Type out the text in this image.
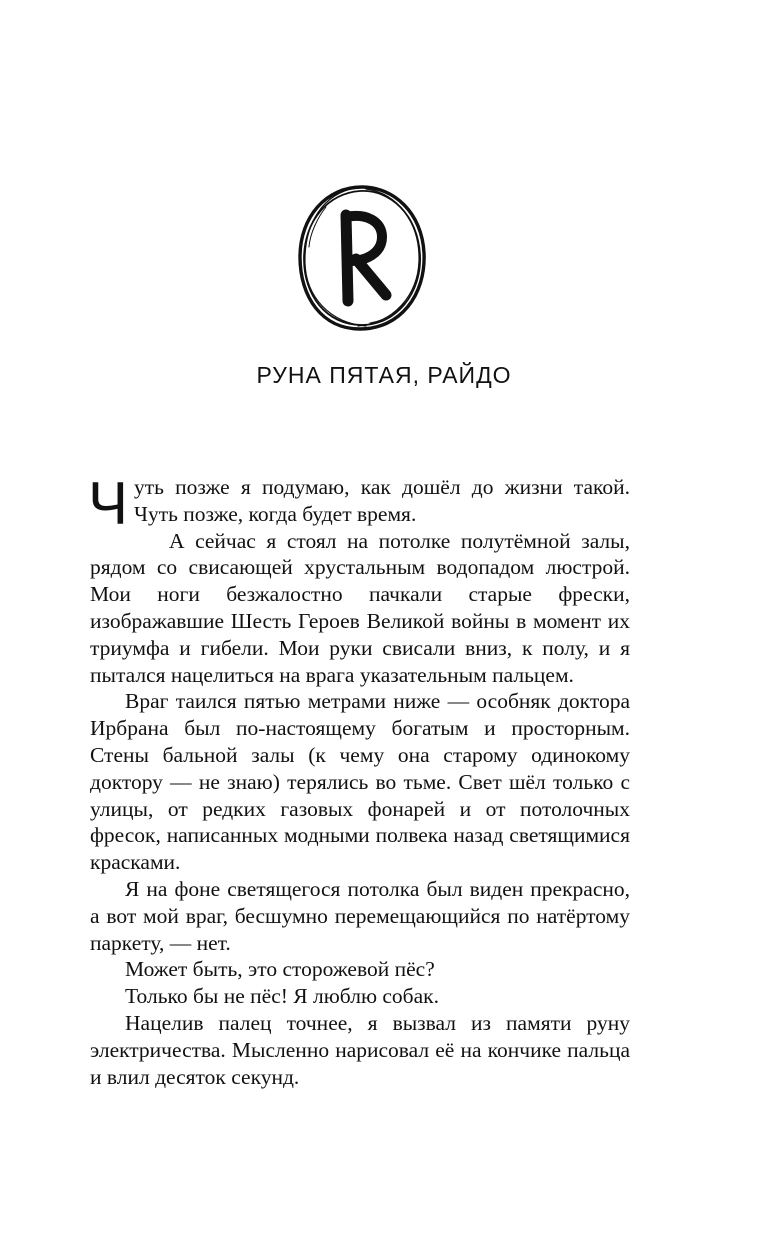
РУНА ПЯТАЯ, РАЙДО

Чуть позже я подумаю, как дошёл до жизни такой. Чуть позже, когда будет время.

А сейчас я стоял на потолке полутёмной залы, рядом со свисающей хрустальным водопадом люстрой. Мои ноги безжалостно пачкали старые фрески, изображавшие Шесть Героев Великой войны в момент их триумфа и гибели. Мои руки свисали вниз, к полу, и я пытался нацелиться на врага указательным пальцем.

Враг таился пятью метрами ниже — особняк доктора Ирбрана был по-настоящему богатым и просторным. Стены бальной залы (к чему она старому одинокому доктору — не знаю) терялись во тьме. Свет шёл только с улицы, от редких газовых фонарей и от потолочных фресок, написанных модными полвека назад светящимися красками.

Я на фоне светящегося потолка был виден прекрасно, а вот мой враг, бесшумно перемещающийся по натёртому паркету, — нет.

Может быть, это сторожевой пёс?

Только бы не пёс! Я люблю собак.

Нацелив палец точнее, я вызвал из памяти руну электричества. Мысленно нарисовал её на кончике пальца и влил десяток секунд.
